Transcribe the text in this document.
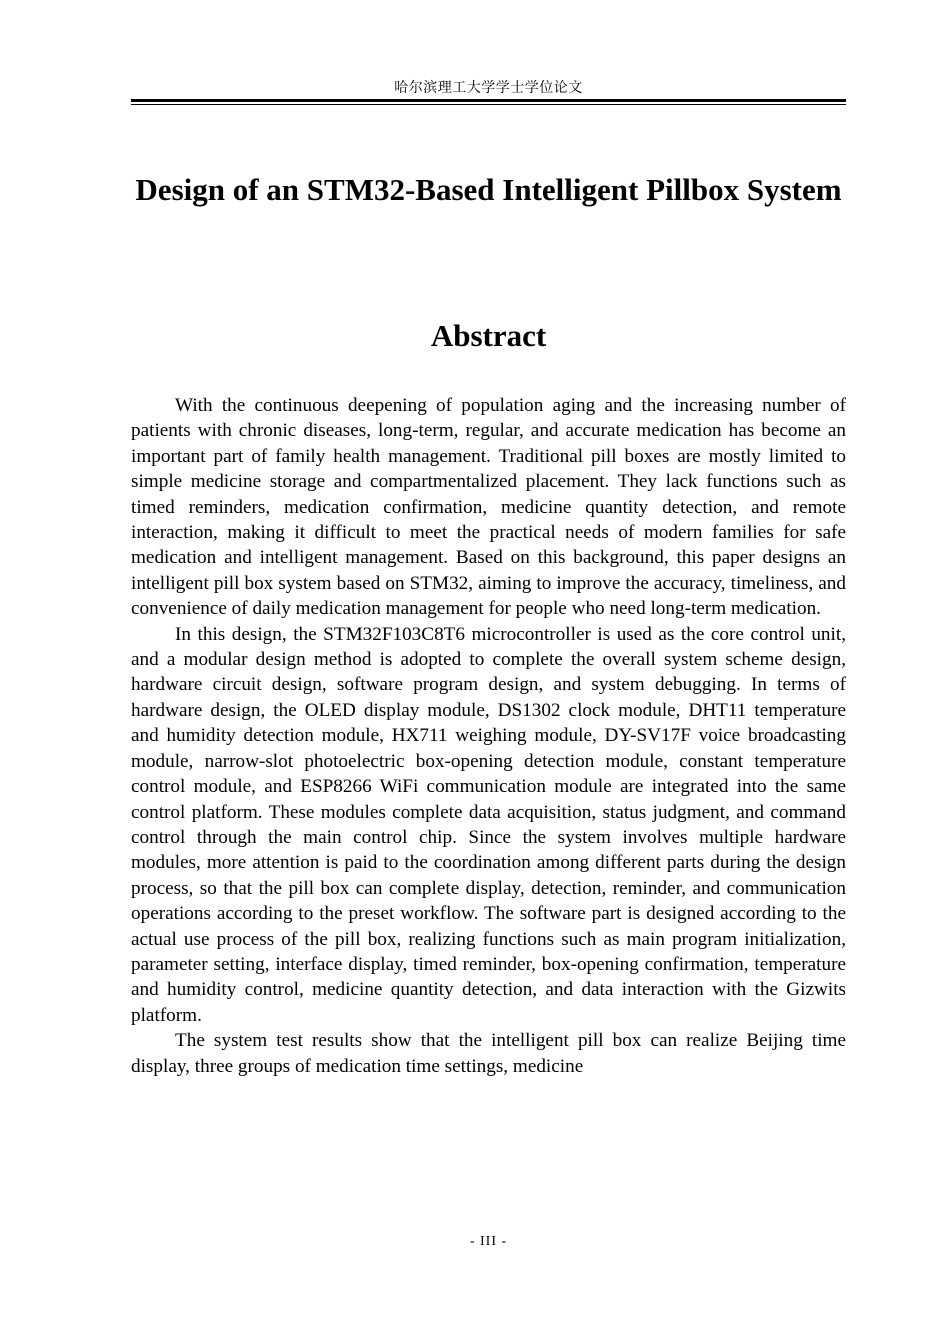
哈尔滨理工大学学士学位论文
Design of an STM32-Based Intelligent Pillbox System
Abstract

With the continuous deepening of population aging and the increasing number of patients with chronic diseases, long-term, regular, and accurate medication has become an important part of family health management. Traditional pill boxes are mostly limited to simple medicine storage and compartmentalized placement. They lack functions such as timed reminders, medication confirmation, medicine quantity detection, and remote interaction, making it difficult to meet the practical needs of modern families for safe medication and intelligent management. Based on this background, this paper designs an intelligent pill box system based on STM32, aiming to improve the accuracy, timeliness, and convenience of daily medication management for people who need long-term medication.

In this design, the STM32F103C8T6 microcontroller is used as the core control unit, and a modular design method is adopted to complete the overall system scheme design, hardware circuit design, software program design, and system debugging. In terms of hardware design, the OLED display module, DS1302 clock module, DHT11 temperature and humidity detection module, HX711 weighing module, DY-SV17F voice broadcasting module, narrow-slot photoelectric box-opening detection module, constant temperature control module, and ESP8266 WiFi communication module are integrated into the same control platform. These modules complete data acquisition, status judgment, and command control through the main control chip. Since the system involves multiple hardware modules, more attention is paid to the coordination among different parts during the design process, so that the pill box can complete display, detection, reminder, and communication operations according to the preset workflow. The software part is designed according to the actual use process of the pill box, realizing functions such as main program initialization, parameter setting, interface display, timed reminder, box-opening confirmation, temperature and humidity control, medicine quantity detection, and data interaction with the Gizwits platform.

The system test results show that the intelligent pill box can realize Beijing time display, three groups of medication time settings, medicine

- III -
